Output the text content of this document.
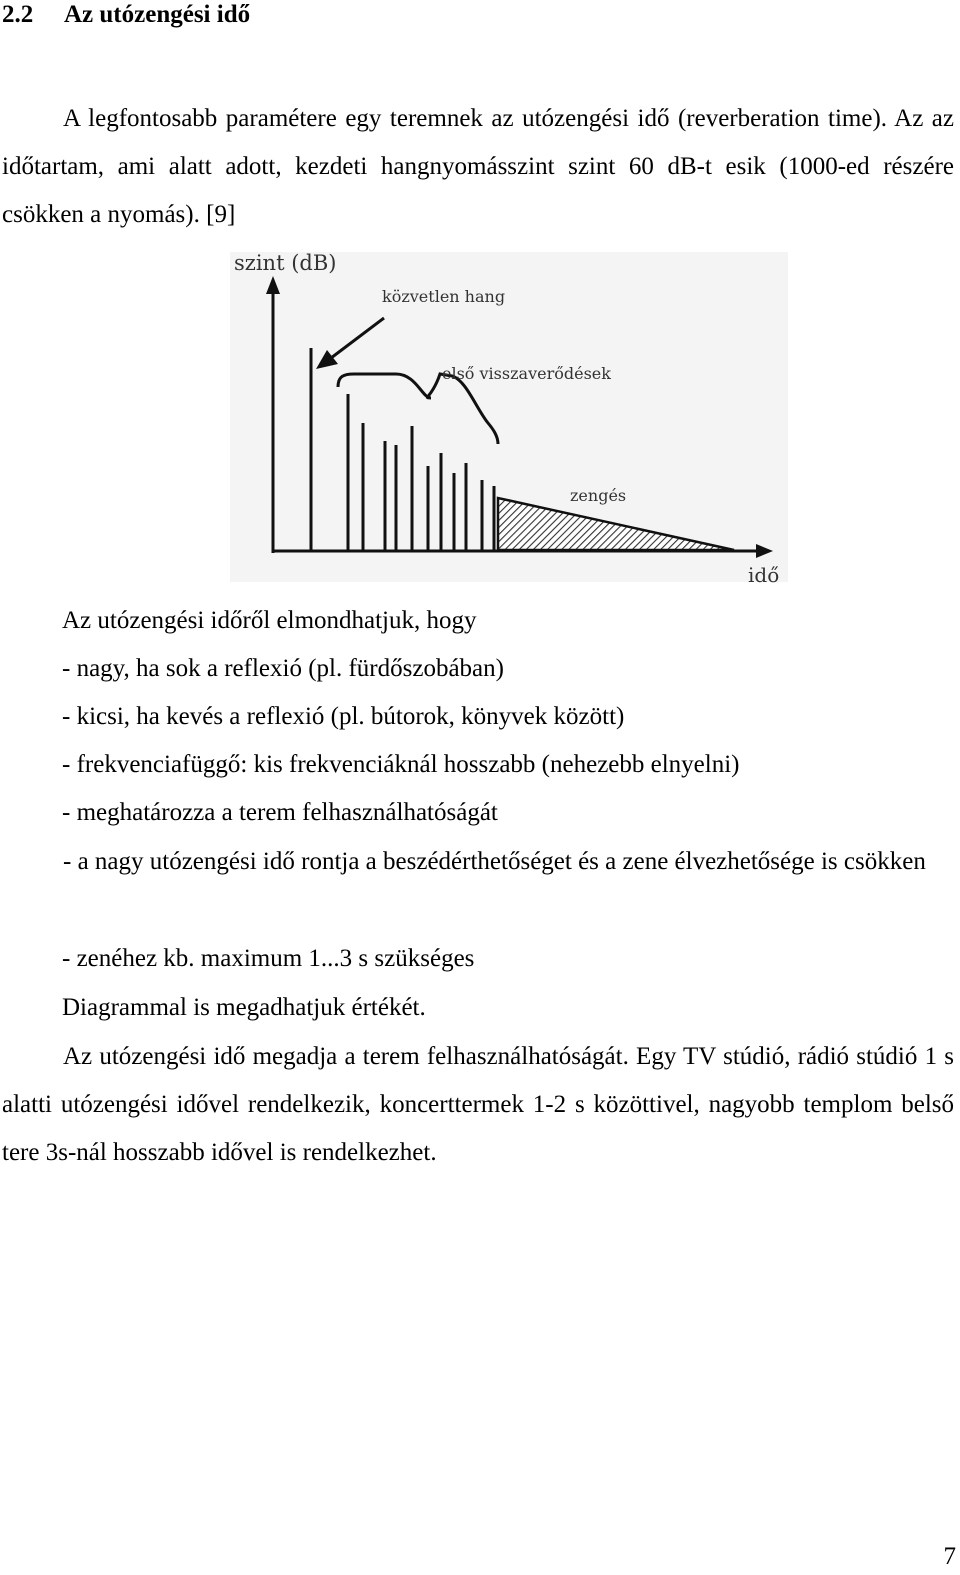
2.2 Az utózengési idő

A legfontosabb paramétere egy teremnek az utózengési idő (reverberation time). Az az időtartam, ami alatt adott, kezdeti hangnyomásszint szint 60 dB-t esik (1000-ed részére csökken a nyomás). [9]

szint (dB)
közvetlen hang
első visszaverődések
zengés
idő

Az utózengési időről elmondhatjuk, hogy

- nagy, ha sok a reflexió (pl. fürdőszobában)

- kicsi, ha kevés a reflexió (pl. bútorok, könyvek között)

- frekvenciafüggő: kis frekvenciáknál hosszabb (nehezebb elnyelni)

- meghatározza a terem felhasználhatóságát

- a nagy utózengési idő rontja a beszédérthetőséget és a zene élvezhetősége is csökken

- zenéhez kb. maximum 1...3 s szükséges

Diagrammal is megadhatjuk értékét.

Az utózengési idő megadja a terem felhasználhatóságát. Egy TV stúdió, rádió stúdió 1 s alatti utózengési idővel rendelkezik, koncerttermek 1-2 s közöttivel, nagyobb templom belső tere 3s-nál hosszabb idővel is rendelkezhet.

7
